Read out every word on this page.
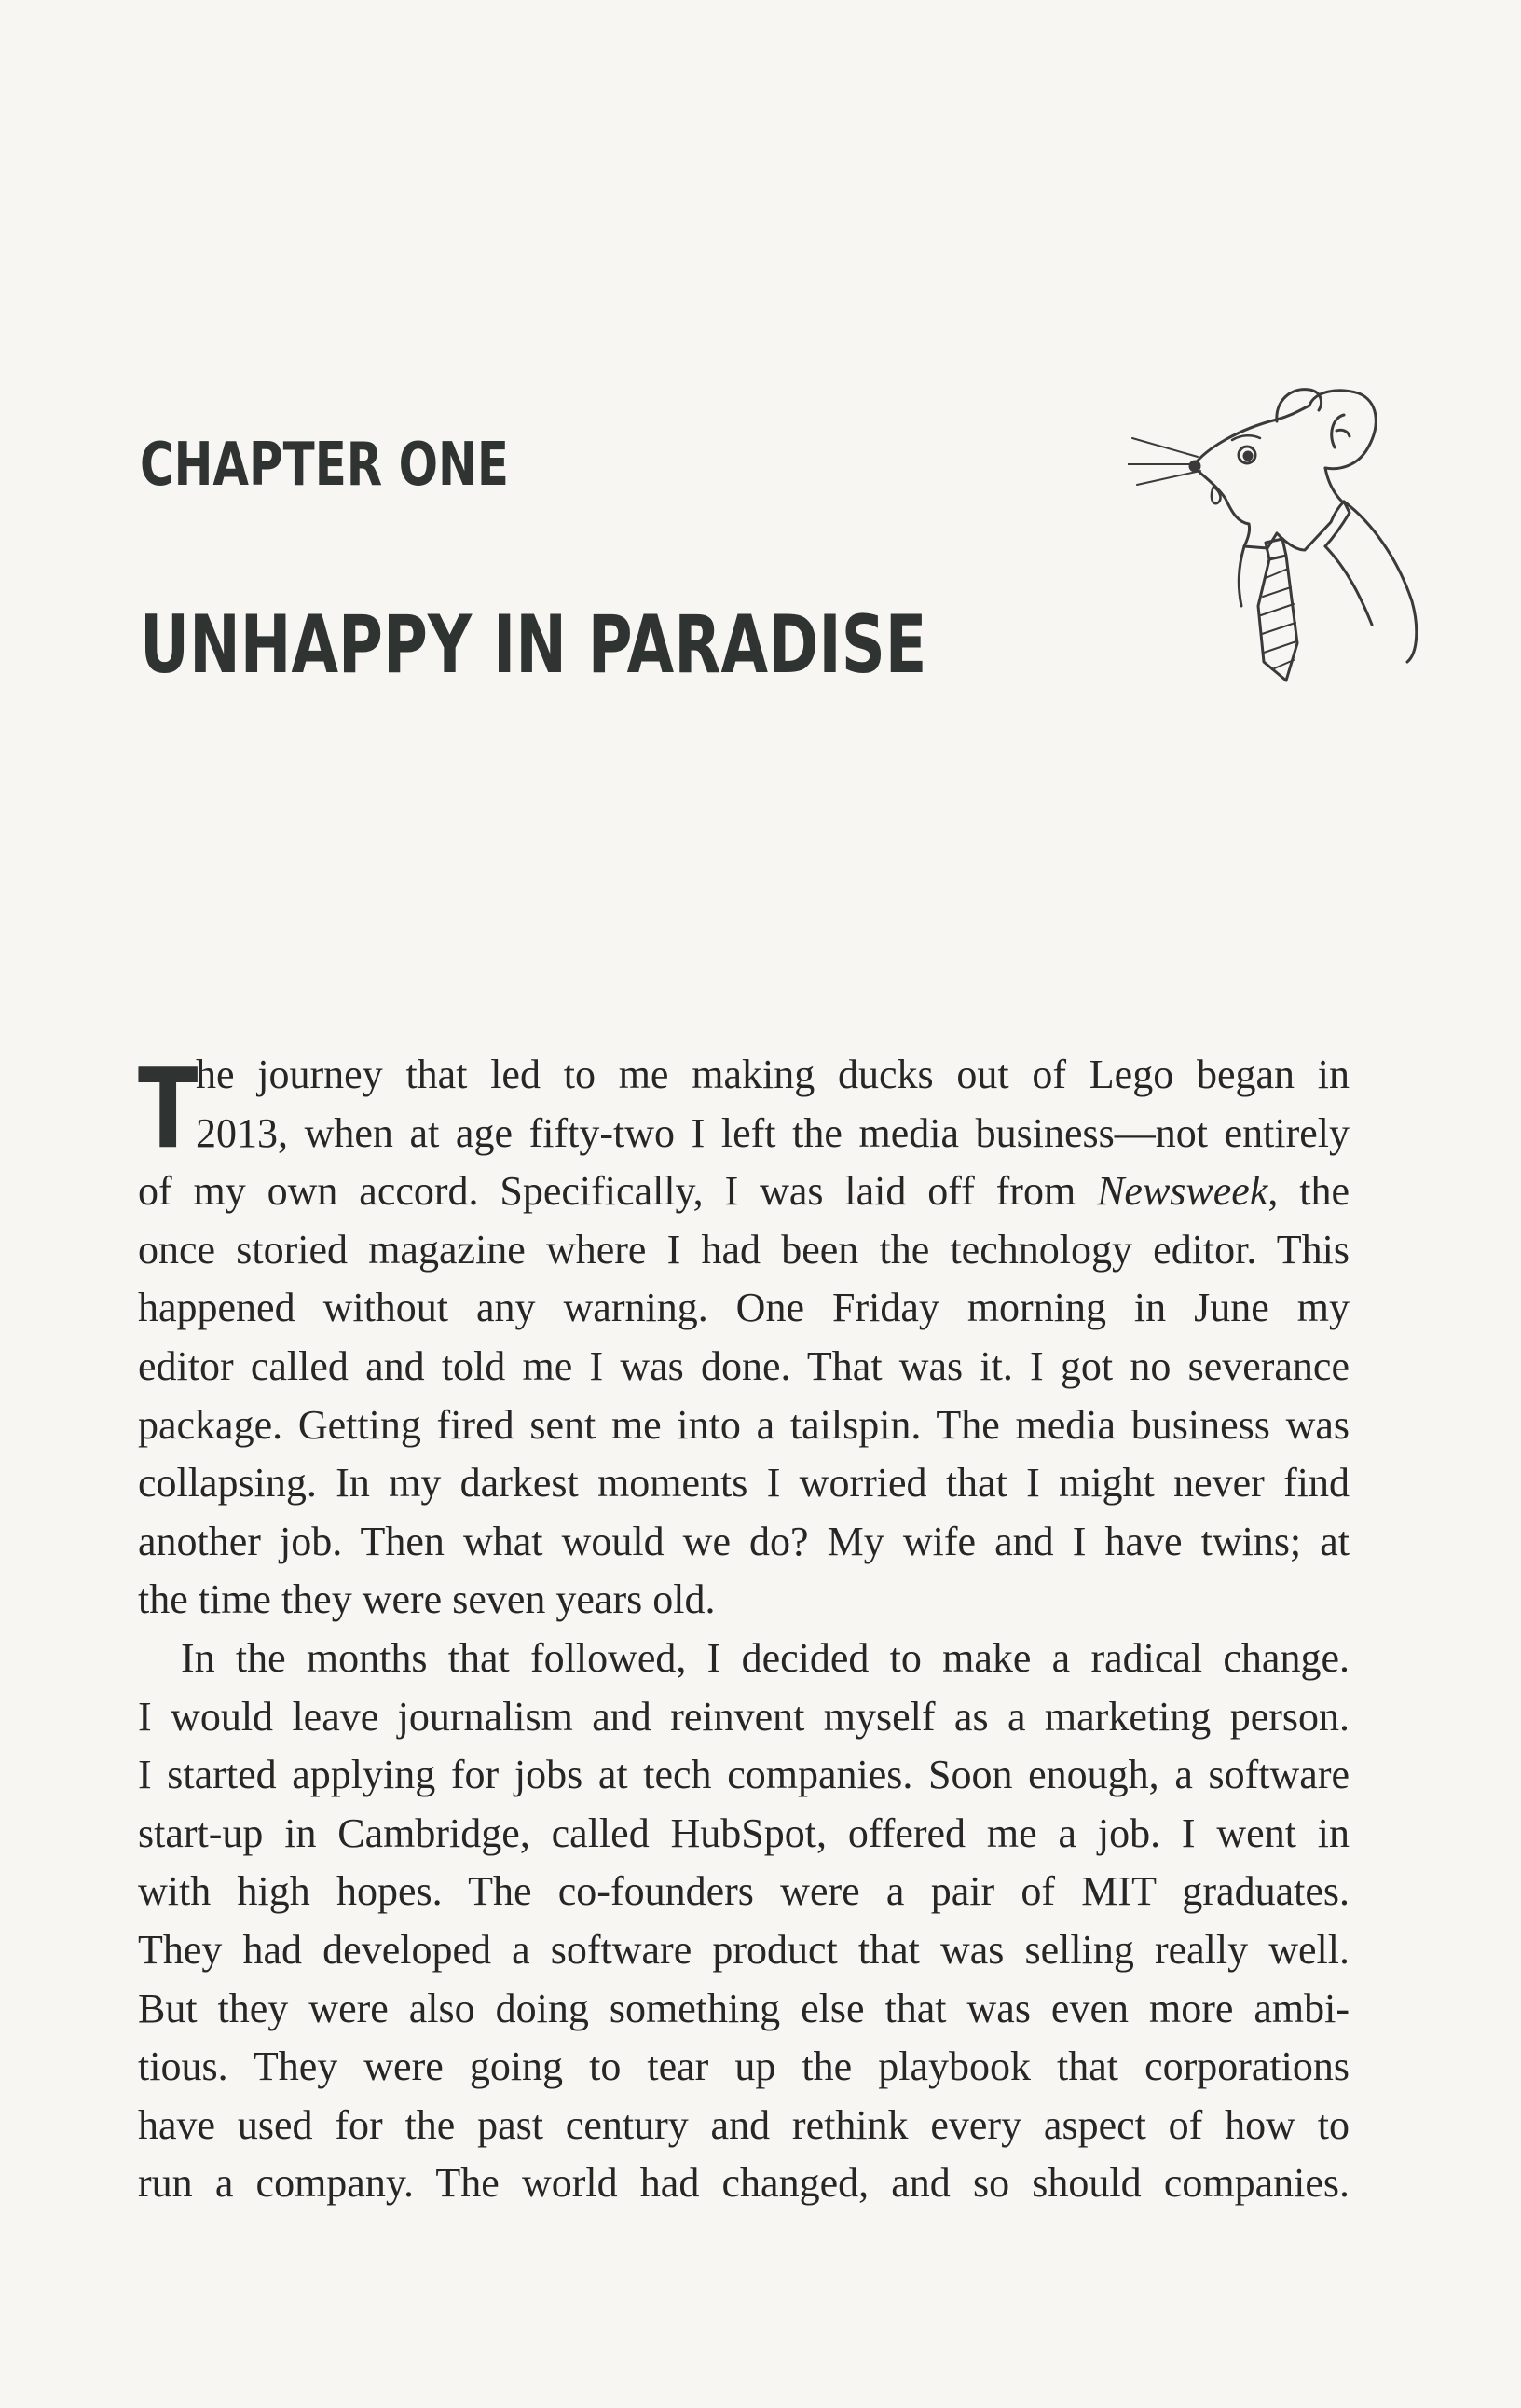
CHAPTER ONE
UNHAPPY IN PARADISE
T
he journey that led to me making ducks out of Lego began in
2013, when at age fifty-two I left the media business—not entirely
of my own accord. Specifically, I was laid off from Newsweek, the
once storied magazine where I had been the technology editor. This
happened without any warning. One Friday morning in June my
editor called and told me I was done. That was it. I got no severance
package. Getting fired sent me into a tailspin. The media business was
collapsing. In my darkest moments I worried that I might never find
another job. Then what would we do? My wife and I have twins; at
the time they were seven years old.
In the months that followed, I decided to make a radical change.
I would leave journalism and reinvent myself as a marketing person.
I started applying for jobs at tech companies. Soon enough, a software
start-up in Cambridge, called HubSpot, offered me a job. I went in
with high hopes. The co-founders were a pair of MIT graduates.
They had developed a software product that was selling really well.
But they were also doing something else that was even more ambi-
tious. They were going to tear up the playbook that corporations
have used for the past century and rethink every aspect of how to
run a company. The world had changed, and so should companies.
